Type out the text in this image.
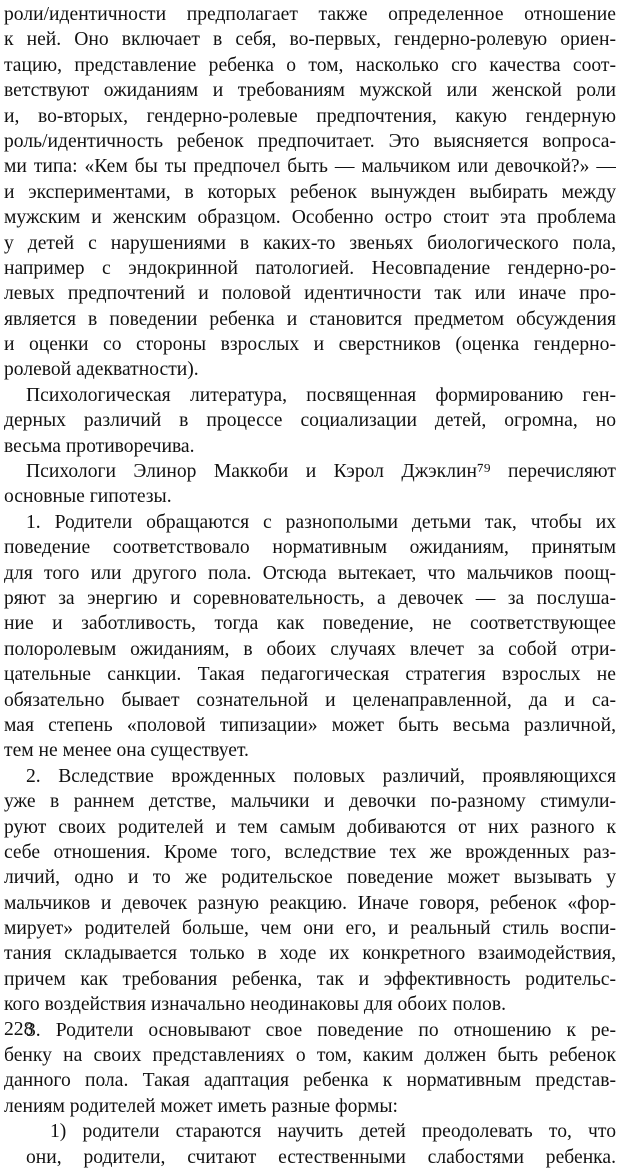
роли/идентичности предполагает также определенное отношение
к ней. Оно включает в себя, во-первых, гендерно-ролевую ориен-
тацию, представление ребенка о том, насколько сго качества соот-
ветствуют ожиданиям и требованиям мужской или женской роли
и, во-вторых, гендерно-ролевые предпочтения, какую гендерную
роль/идентичность ребенок предпочитает. Это выясняется вопроса-
ми типа: «Кем бы ты предпочел быть — мальчиком или девочкой?» —
и экспериментами, в которых ребенок вынужден выбирать между
мужским и женским образцом. Особенно остро стоит эта проблема
у детей с нарушениями в каких-то звеньях биологического пола,
например с эндокринной патологией. Несовпадение гендерно-ро-
левых предпочтений и половой идентичности так или иначе про-
является в поведении ребенка и становится предметом обсуждения
и оценки со стороны взрослых и сверстников (оценка гендерно-
ролевой адекватности).
Психологическая литература, посвященная формированию ген-
дерных различий в процессе социализации детей, огромна, но
весьма противоречива.
Психологи Элинор Маккоби и Кэрол Джэклин⁷⁹ перечисляют
основные гипотезы.
1. Родители обращаются с разнополыми детьми так, чтобы их
поведение соответствовало нормативным ожиданиям, принятым
для того или другого пола. Отсюда вытекает, что мальчиков поощ-
ряют за энергию и соревновательность, а девочек — за послуша-
ние и заботливость, тогда как поведение, не соответствующее
полоролевым ожиданиям, в обоих случаях влечет за собой отри-
цательные санкции. Такая педагогическая стратегия взрослых не
обязательно бывает сознательной и целенаправленной, да и са-
мая степень «половой типизации» может быть весьма различной,
тем не менее она существует.
2. Вследствие врожденных половых различий, проявляющихся
уже в раннем детстве, мальчики и девочки по-разному стимули-
руют своих родителей и тем самым добиваются от них разного к
себе отношения. Кроме того, вследствие тех же врожденных раз-
личий, одно и то же родительское поведение может вызывать у
мальчиков и девочек разную реакцию. Иначе говоря, ребенок «фор-
мирует» родителей больше, чем они его, и реальный стиль воспи-
тания складывается только в ходе их конкретного взаимодействия,
причем как требования ребенка, так и эффективность родительс-
кого воздействия изначально неодинаковы для обоих полов.
3. Родители основывают свое поведение по отношению к ре-
бенку на своих представлениях о том, каким должен быть ребенок
данного пола. Такая адаптация ребенка к нормативным представ-
лениям родителей может иметь разные формы:
1) родители стараются научить детей преодолевать то, что
они, родители, считают естественными слабостями ребенка.
228
